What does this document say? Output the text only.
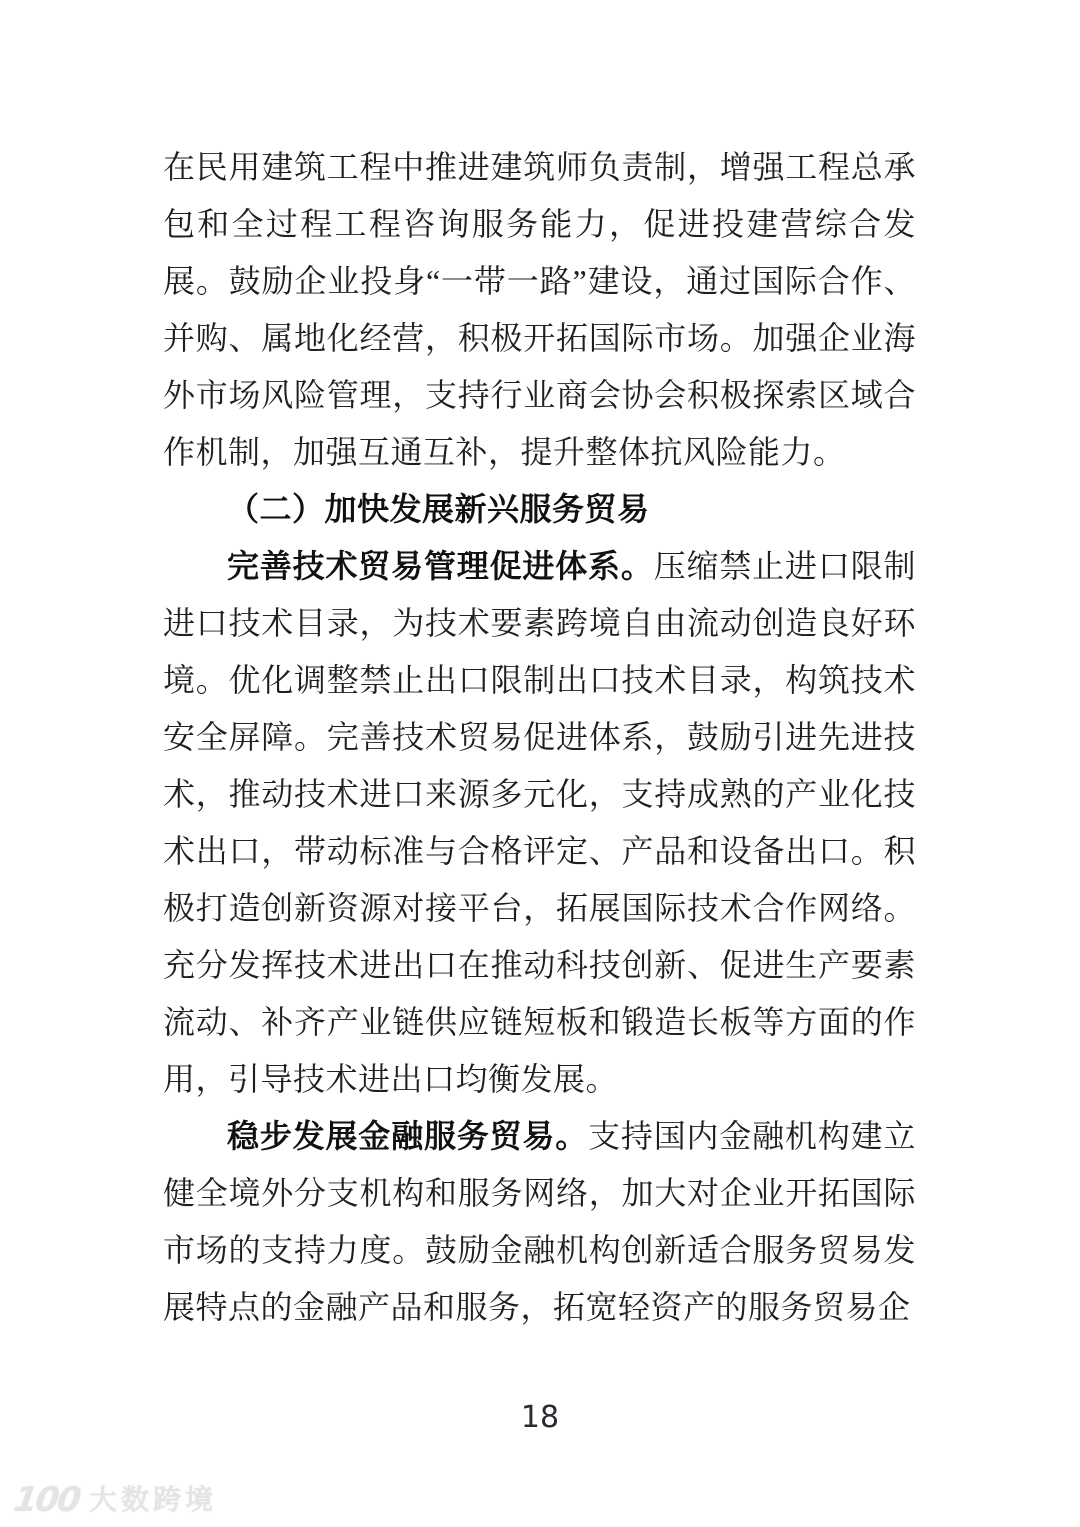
在民用建筑工程中推进建筑师负责制，增强工程总承包和全过程工程咨询服务能力，促进投建营综合发展。鼓励企业投身“一带一路”建设，通过国际合作、并购、属地化经营，积极开拓国际市场。加强企业海外市场风险管理，支持行业商会协会积极探索区域合作机制，加强互通互补，提升整体抗风险能力。

（二）加快发展新兴服务贸易

完善技术贸易管理促进体系。压缩禁止进口限制进口技术目录，为技术要素跨境自由流动创造良好环境。优化调整禁止出口限制出口技术目录，构筑技术安全屏障。完善技术贸易促进体系，鼓励引进先进技术，推动技术进口来源多元化，支持成熟的产业化技术出口，带动标准与合格评定、产品和设备出口。积极打造创新资源对接平台，拓展国际技术合作网络。充分发挥技术进出口在推动科技创新、促进生产要素流动、补齐产业链供应链短板和锻造长板等方面的作用，引导技术进出口均衡发展。

稳步发展金融服务贸易。支持国内金融机构建立健全境外分支机构和服务网络，加大对企业开拓国际市场的支持力度。鼓励金融机构创新适合服务贸易发展特点的金融产品和服务，拓宽轻资产的服务贸易企

18
100 大数跨境
